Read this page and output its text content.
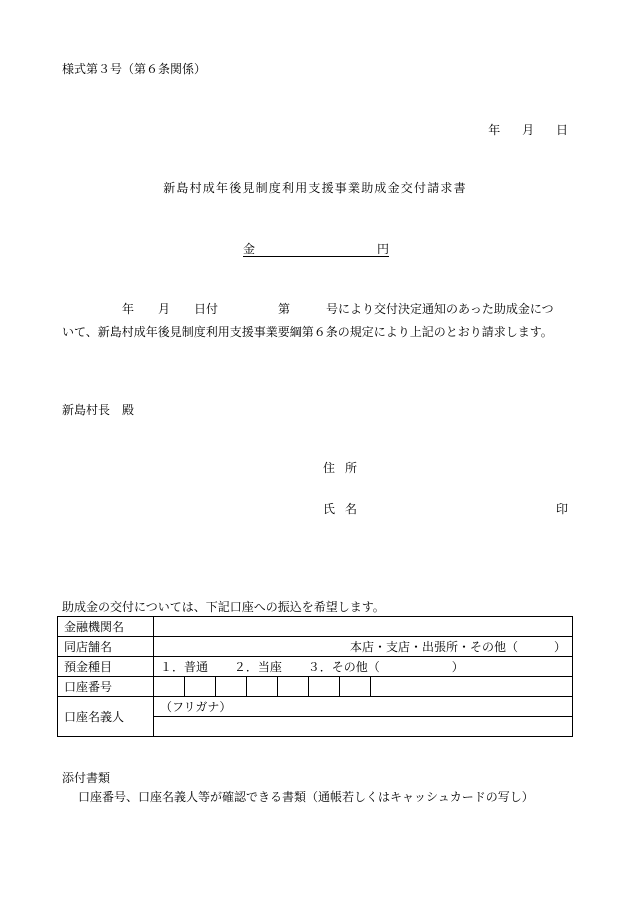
様式第３号（第６条関係）
年 月 日
新島村成年後見制度利用支援事業助成金交付請求書
金	円
年　　月　　日付　　　　　第　　　号により交付決定通知のあった助成金につ
いて、新島村成年後見制度利用支援事業要綱第６条の規定により上記のとおり請求します。
新島村長　殿
住所
氏名	印
助成金の交付については、下記口座への振込を希望します。
金融機関名	
同店舗名	本店・支店・出張所・その他（　　　）

預金種目	１．普通 ２．当座 ３．その他（　　　　　　）
口座番号	

口座名義人	（フリガナ）

添付書類
口座番号、口座名義人等が確認できる書類（通帳若しくはキャッシュカードの写し）
